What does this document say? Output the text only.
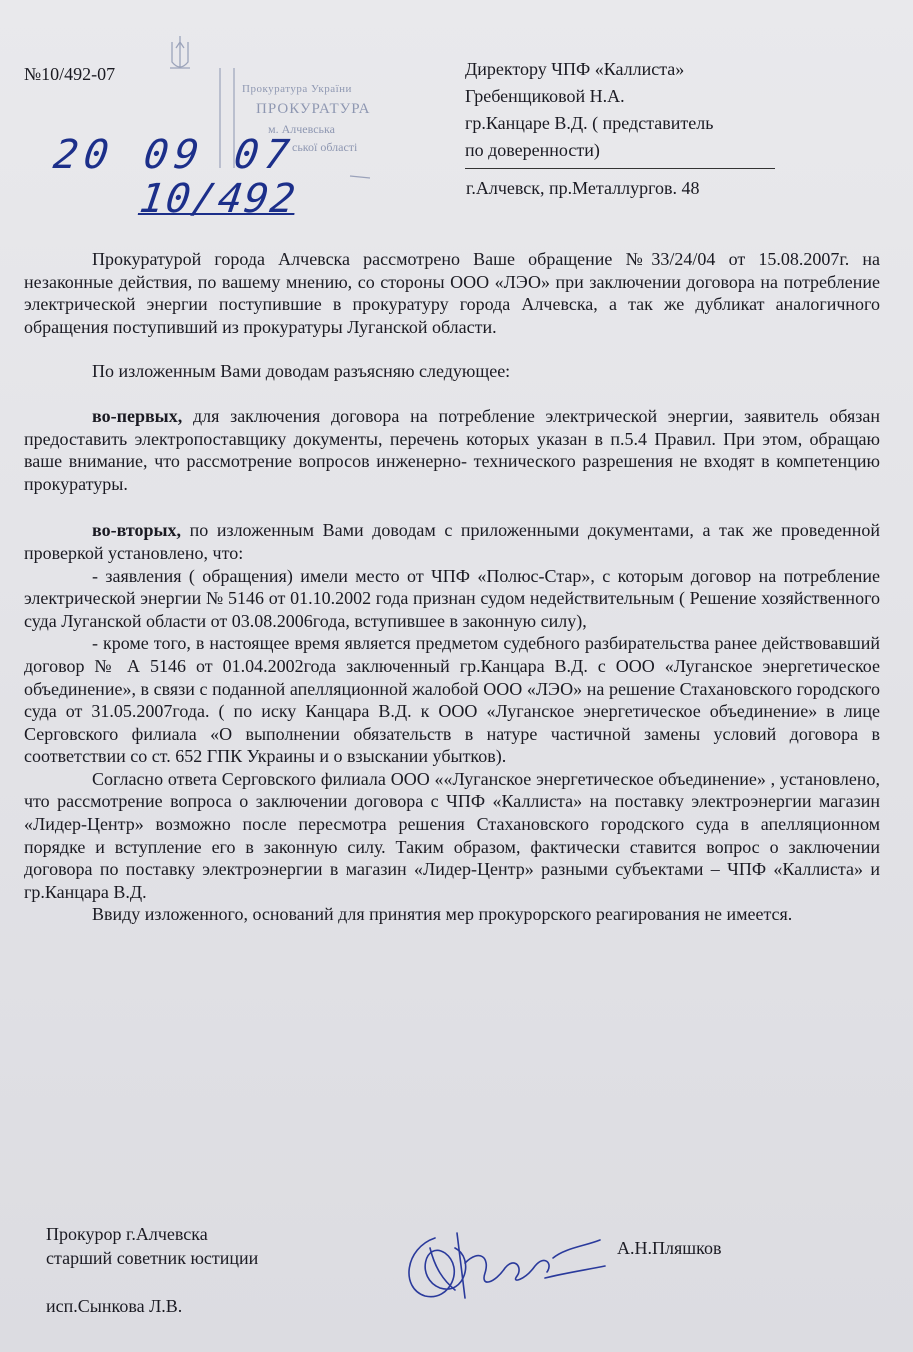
№10/492-07
Прокуратура України
ПРОКУРАТУРА
м. Алчевська
ської області
20 09 07
10/492
Директору ЧПФ «Каллиста»
Гребенщиковой Н.А.
гр.Канцаре В.Д. ( представитель
по доверенности)
г.Алчевск, пр.Металлургов. 48

Прокуратурой города Алчевска рассмотрено Ваше обращение №33/24/04 от 15.08.2007г. на незаконные действия, по вашему мнению, со стороны ООО «ЛЭО» при заключении договора на потребление электрической энергии поступившие в прокуратуру города Алчевска, а так же дубликат аналогичного обращения поступивший из прокуратуры Луганской области.

По изложенным Вами доводам разъясняю следующее:

во-первых, для заключения договора на потребление электрической энергии, заявитель обязан предоставить электропоставщику документы, перечень которых указан в п.5.4 Правил. При этом, обращаю ваше внимание, что рассмотрение вопросов инженерно- технического разрешения не входят в компетенцию прокуратуры.

во-вторых, по изложенным Вами доводам с приложенными документами, а так же проведенной проверкой установлено, что:

- заявления ( обращения) имели место от ЧПФ «Полюс-Стар», с которым договор на потребление электрической энергии № 5146 от 01.10.2002 года признан судом недействительным ( Решение хозяйственного суда Луганской области от 03.08.2006года, вступившее в законную силу),

- кроме того, в настоящее время является предметом судебного разбирательства ранее действовавший договор № А 5146 от 01.04.2002года заключенный гр.Канцара В.Д. с ООО «Луганское энергетическое объединение», в связи с поданной апелляционной жалобой ООО «ЛЭО» на решение Стахановского городского суда от 31.05.2007года. ( по иску Канцара В.Д. к ООО «Луганское энергетическое объединение» в лице Серговского филиала «О выполнении обязательств в натуре частичной замены условий договора в соответствии со ст. 652 ГПК Украины и о взыскании убытков).

Согласно ответа Серговского филиала ООО ««Луганское энергетическое объединение» , установлено, что рассмотрение вопроса о заключении договора с ЧПФ «Каллиста» на поставку электроэнергии магазин «Лидер-Центр» возможно после пересмотра решения Стахановского городского суда в апелляционном порядке и вступление его в законную силу. Таким образом, фактически ставится вопрос о заключении договора по поставку электроэнергии в магазин «Лидер-Центр» разными субъектами – ЧПФ «Каллиста» и гр.Канцара В.Д.

Ввиду изложенного, оснований для принятия мер прокурорского реагирования не имеется.

Прокурор г.Алчевска
старший советник юстиции	А.Н.Пляшков
исп.Сынкова Л.В.
